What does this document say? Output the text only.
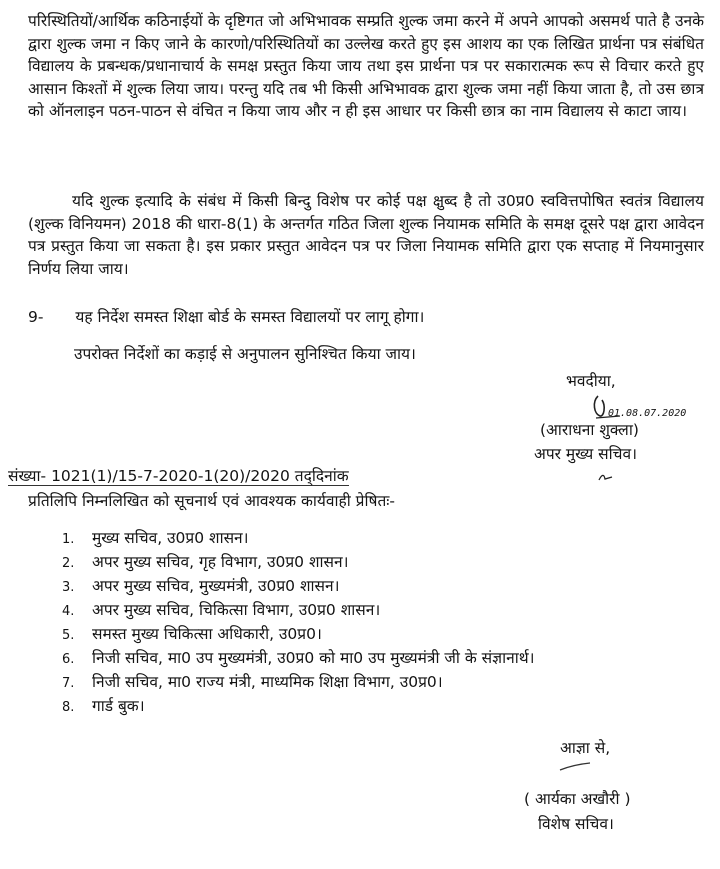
परिस्थितियों/आर्थिक कठिनाईयों के दृष्टिगत जो अभिभावक सम्प्रति शुल्क जमा करने में अपने आपको असमर्थ पाते है उनके द्वारा शुल्क जमा न किए जाने के कारणो/परिस्थितियों का उल्लेख करते हुए इस आशय का एक लिखित प्रार्थना पत्र संबंधित विद्यालय के प्रबन्धक/प्रधानाचार्य के समक्ष प्रस्तुत किया जाय तथा इस प्रार्थना पत्र पर सकारात्मक रूप से विचार करते हुए आसान किश्तों में शुल्क लिया जाय। परन्तु यदि तब भी किसी अभिभावक द्वारा शुल्क जमा नहीं किया जाता है, तो उस छात्र को ऑनलाइन पठन-पाठन से वंचित न किया जाय और न ही इस आधार पर किसी छात्र का नाम विद्यालय से काटा जाय।
यदि शुल्क इत्यादि के संबंध में किसी बिन्दु विशेष पर कोई पक्ष क्षुब्द है तो उ0प्र0 स्ववित्तपोषित स्वतंत्र विद्यालय (शुल्क विनियमन) 2018 की धारा-8(1) के अन्तर्गत गठित जिला शुल्क नियामक समिति के समक्ष दूसरे पक्ष द्वारा आवेदन पत्र प्रस्तुत किया जा सकता है। इस प्रकार प्रस्तुत आवेदन पत्र पर जिला नियामक समिति द्वारा एक सप्ताह में नियमानुसार निर्णय लिया जाय।
9- यह निर्देश समस्त शिक्षा बोर्ड के समस्त विद्यालयों पर लागू होगा।
उपरोक्त निर्देशों का कड़ाई से अनुपालन सुनिश्चित किया जाय।
भवदीया,
01.08.07.2020
(आराधना शुक्ला)
अपर मुख्य सचिव।
संख्या- 1021(1)/15-7-2020-1(20)/2020 तद्‌दिनांक
प्रतिलिपि निम्नलिखित को सूचनार्थ एवं आवश्यक कार्यवाही प्रेषितः-
1. मुख्य सचिव, उ0प्र0 शासन।
2. अपर मुख्य सचिव, गृह विभाग, उ0प्र0 शासन।
3. अपर मुख्य सचिव, मुख्यमंत्री, उ0प्र0 शासन।
4. अपर मुख्य सचिव, चिकित्सा विभाग, उ0प्र0 शासन।
5. समस्त मुख्य चिकित्सा अधिकारी, उ0प्र0।
6. निजी सचिव, मा0 उप मुख्यमंत्री, उ0प्र0 को मा0 उप मुख्यमंत्री जी के संज्ञानार्थ।
7. निजी सचिव, मा0 राज्य मंत्री, माध्यमिक शिक्षा विभाग, उ0प्र0।
8. गार्ड बुक।
आज्ञा से,
( आर्यका अखौरी )
विशेष सचिव।
